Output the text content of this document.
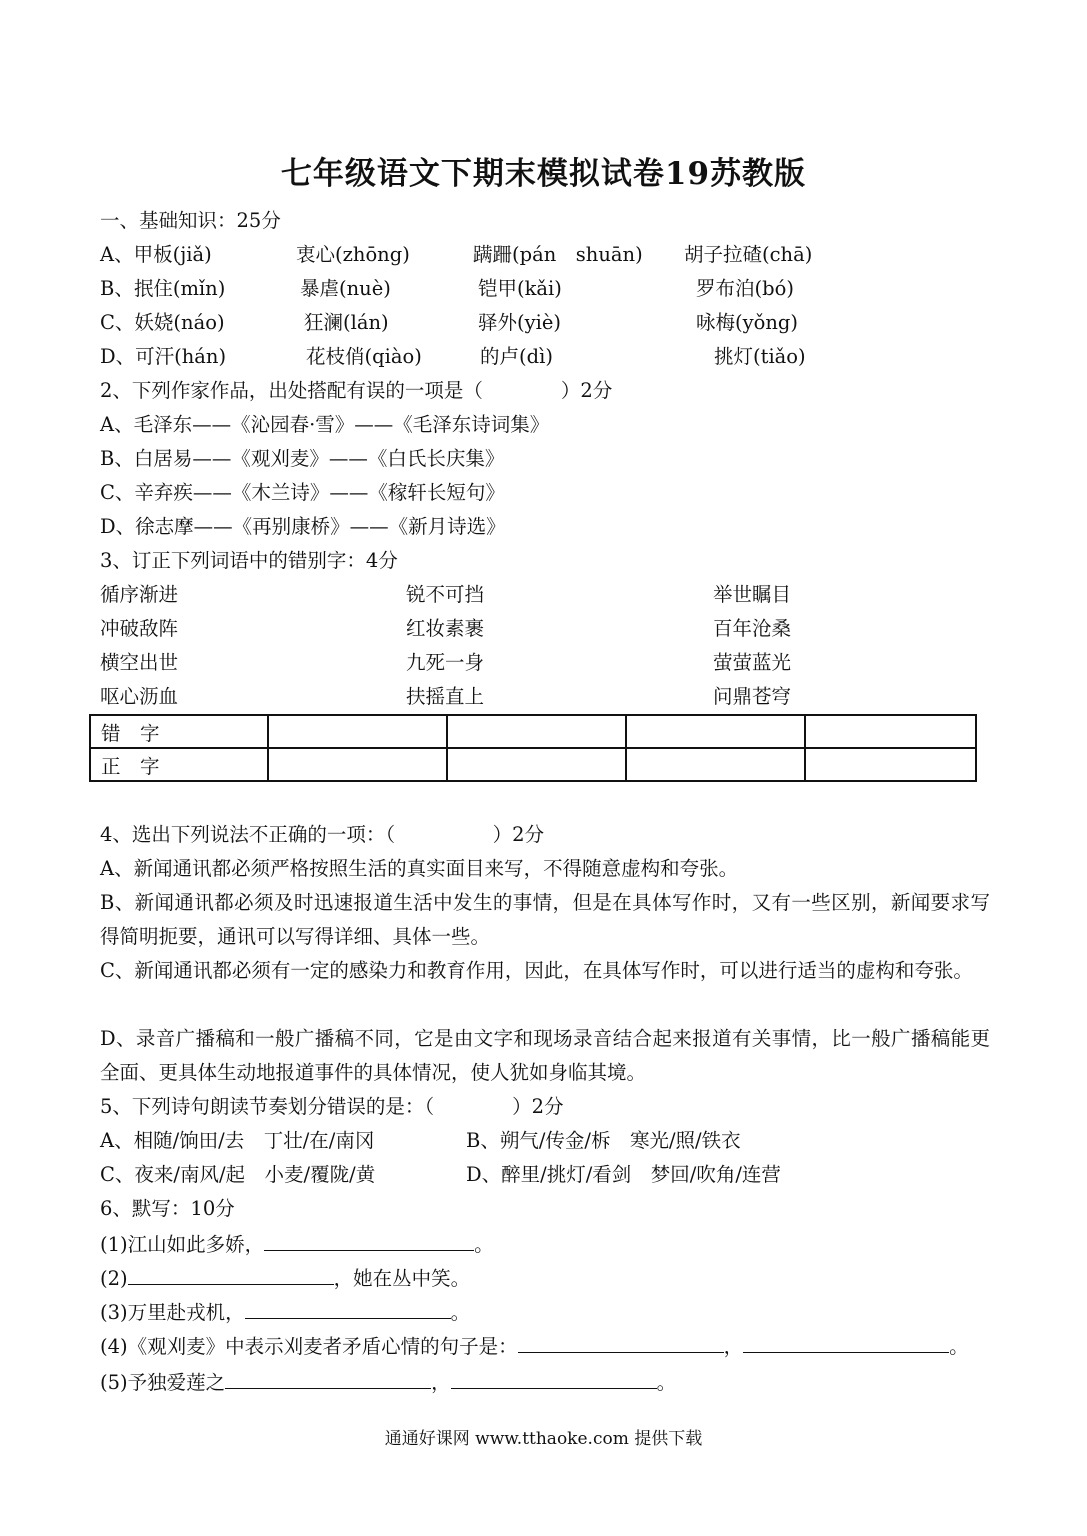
七年级语文下期末模拟试卷19苏教版
一、基础知识：25分
A、甲板(jiǎ)	衷心(zhōng)	蹒跚(pán　shuān) 胡子拉碴(chā)
B、抿住(mǐn)	暴虐(nuè)	铠甲(kǎi)	罗布泊(bó)
C、妖娆(náo)	狂澜(lán)	驿外(yiè)	咏梅(yǒng)
D、可汗(hán)	花枝俏(qiào)	的卢(dì)	挑灯(tiǎo)
2、下列作家作品，出处搭配有误的一项是（　　　　）2分
A、毛泽东——《沁园春·雪》——《毛泽东诗词集》
B、白居易——《观刈麦》——《白氏长庆集》
C、辛弃疾——《木兰诗》——《稼轩长短句》
D、徐志摩——《再别康桥》——《新月诗选》
3、订正下列词语中的错别字：4分
循序渐进	锐不可挡	举世瞩目
冲破敌阵	红妆素裹	百年沧桑
横空出世	九死一身	萤萤蓝光
呕心沥血	扶摇直上	问鼎苍穹
错　字				
正　字				
4、选出下列说法不正确的一项：（　　　　　）2分
A、新闻通讯都必须严格按照生活的真实面目来写，不得随意虚构和夸张。
B、新闻通讯都必须及时迅速报道生活中发生的事情，但是在具体写作时，又有一些区别，新闻要求写得简明扼要，通讯可以写得详细、具体一些。
C、新闻通讯都必须有一定的感染力和教育作用，因此，在具体写作时，可以进行适当的虚构和夸张。
D、录音广播稿和一般广播稿不同，它是由文字和现场录音结合起来报道有关事情，比一般广播稿能更全面、更具体生动地报道事件的具体情况，使人犹如身临其境。
5、下列诗句朗读节奏划分错误的是：（　　　　）2分
A、相随/饷田/去　丁壮/在/南冈	B、朔气/传金/柝　寒光/照/铁衣
C、夜来/南风/起　小麦/覆陇/黄	D、醉里/挑灯/看剑　梦回/吹角/连营
6、默写：10分
(1)江山如此多娇，	。
(2)	，她在丛中笑。
(3)万里赴戎机，	。
(4)《观刈麦》中表示刈麦者矛盾心情的句子是：	，	。
(5)予独爱莲之	，	。
通通好课网 www.tthaoke.com 提供下载
